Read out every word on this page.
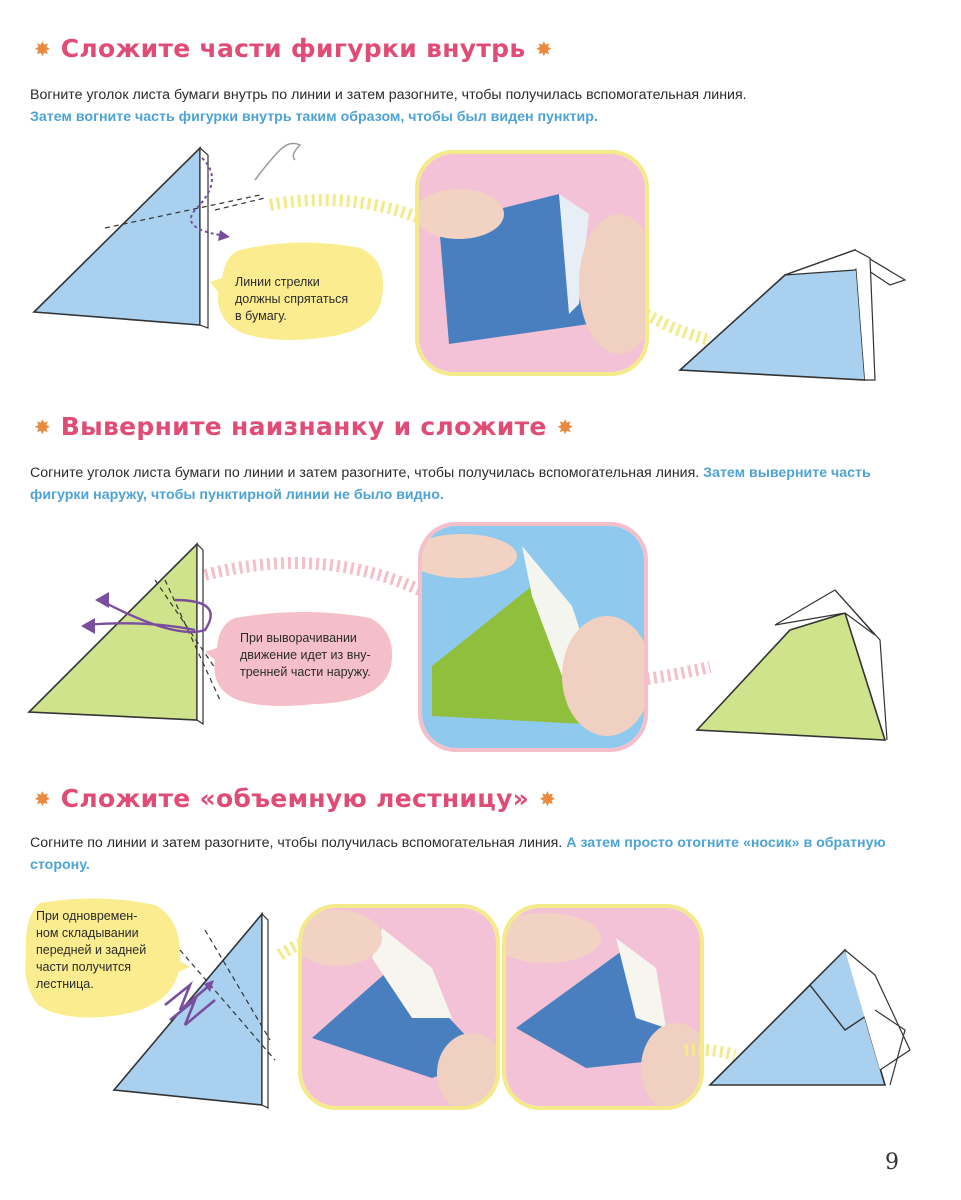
✸ Сложите части фигурки внутрь ✸
Вогните уголок листа бумаги внутрь по линии и затем разогните, чтобы получилась вспомогательная линия.
Затем вогните часть фигурки внутрь таким образом, чтобы был виден пунктир.
Линии стрелки
должны спрятаться
в бумагу.
✸ Выверните наизнанку и сложите ✸
Согните уголок листа бумаги по линии и затем разогните, чтобы получилась вспомогательная линия. Затем выверните часть фигурки наружу, чтобы пунктирной линии не было видно.
При выворачивании
движение идет из вну-
тренней части наружу.
✸ Сложите «объемную лестницу» ✸
Согните по линии и затем разогните, чтобы получилась вспомогательная линия. А затем просто отогните «носик» в обратную сторону.
При одновремен-
ном складывании
передней и задней
части получится
лестница.
9
